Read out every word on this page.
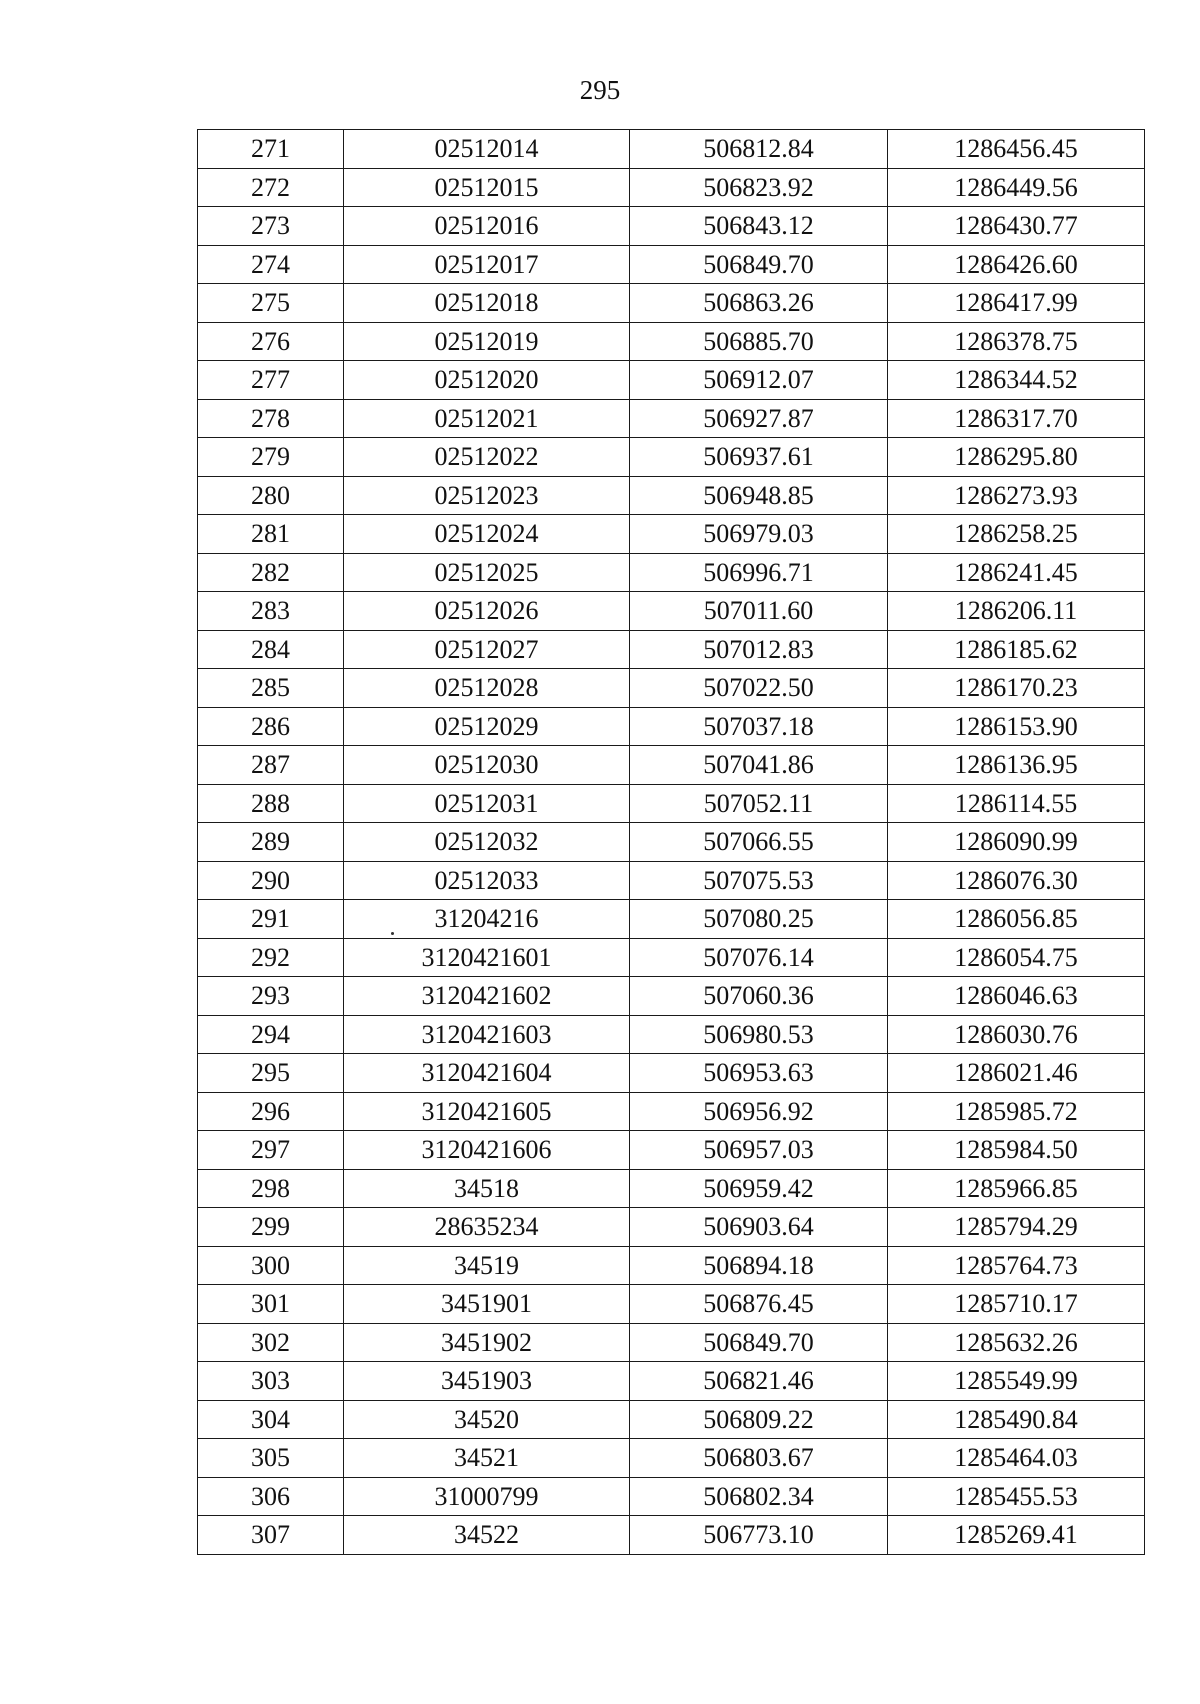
295
271	02512014	506812.84	1286456.45
272	02512015	506823.92	1286449.56
273	02512016	506843.12	1286430.77
274	02512017	506849.70	1286426.60
275	02512018	506863.26	1286417.99
276	02512019	506885.70	1286378.75
277	02512020	506912.07	1286344.52
278	02512021	506927.87	1286317.70
279	02512022	506937.61	1286295.80
280	02512023	506948.85	1286273.93
281	02512024	506979.03	1286258.25
282	02512025	506996.71	1286241.45
283	02512026	507011.60	1286206.11
284	02512027	507012.83	1286185.62
285	02512028	507022.50	1286170.23
286	02512029	507037.18	1286153.90
287	02512030	507041.86	1286136.95
288	02512031	507052.11	1286114.55
289	02512032	507066.55	1286090.99
290	02512033	507075.53	1286076.30
291	31204216	507080.25	1286056.85
292	3120421601	507076.14	1286054.75
293	3120421602	507060.36	1286046.63
294	3120421603	506980.53	1286030.76
295	3120421604	506953.63	1286021.46
296	3120421605	506956.92	1285985.72
297	3120421606	506957.03	1285984.50
298	34518	506959.42	1285966.85
299	28635234	506903.64	1285794.29
300	34519	506894.18	1285764.73
301	3451901	506876.45	1285710.17
302	3451902	506849.70	1285632.26
303	3451903	506821.46	1285549.99
304	34520	506809.22	1285490.84
305	34521	506803.67	1285464.03
306	31000799	506802.34	1285455.53
307	34522	506773.10	1285269.41
